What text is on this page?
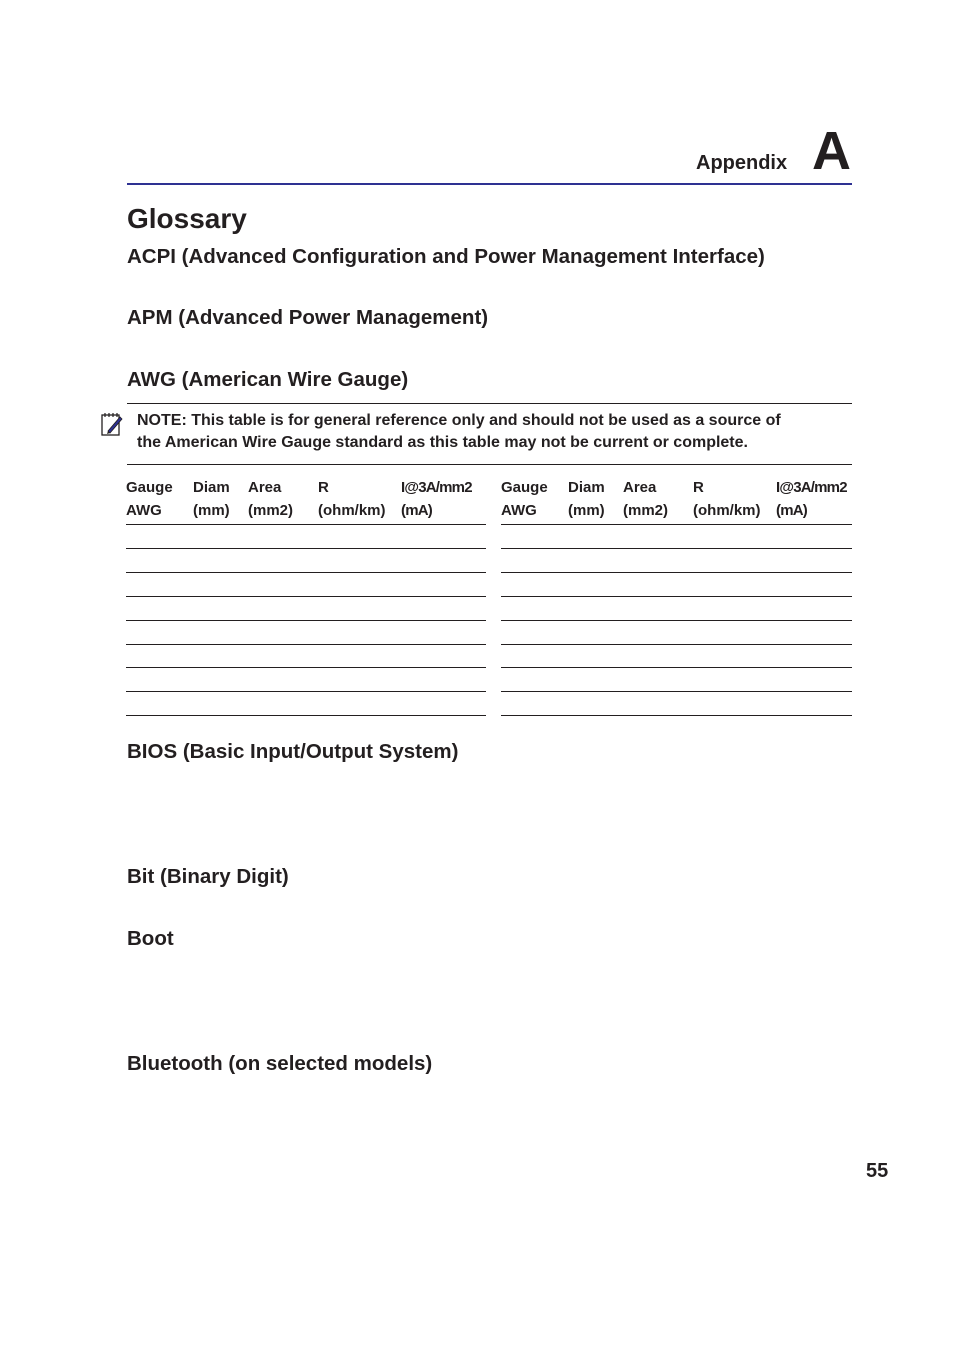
Appendix A
Glossary
ACPI (Advanced Configuration and Power Management Interface)
APM (Advanced Power Management)
AWG (American Wire Gauge)
NOTE: This table is for general reference only and should not be used as a source of
the American Wire Gauge standard as this table may not be current or complete.
Gauge
AWG
Diam
(mm)
Area
(mm2)
R
(ohm/km)
I@3A/mm2
(mA)
Gauge
AWG
Diam
(mm)
Area
(mm2)
R
(ohm/km)
I@3A/mm2
(mA)
BIOS (Basic Input/Output System)
Bit (Binary Digit)
Boot
Bluetooth (on selected models)
55
